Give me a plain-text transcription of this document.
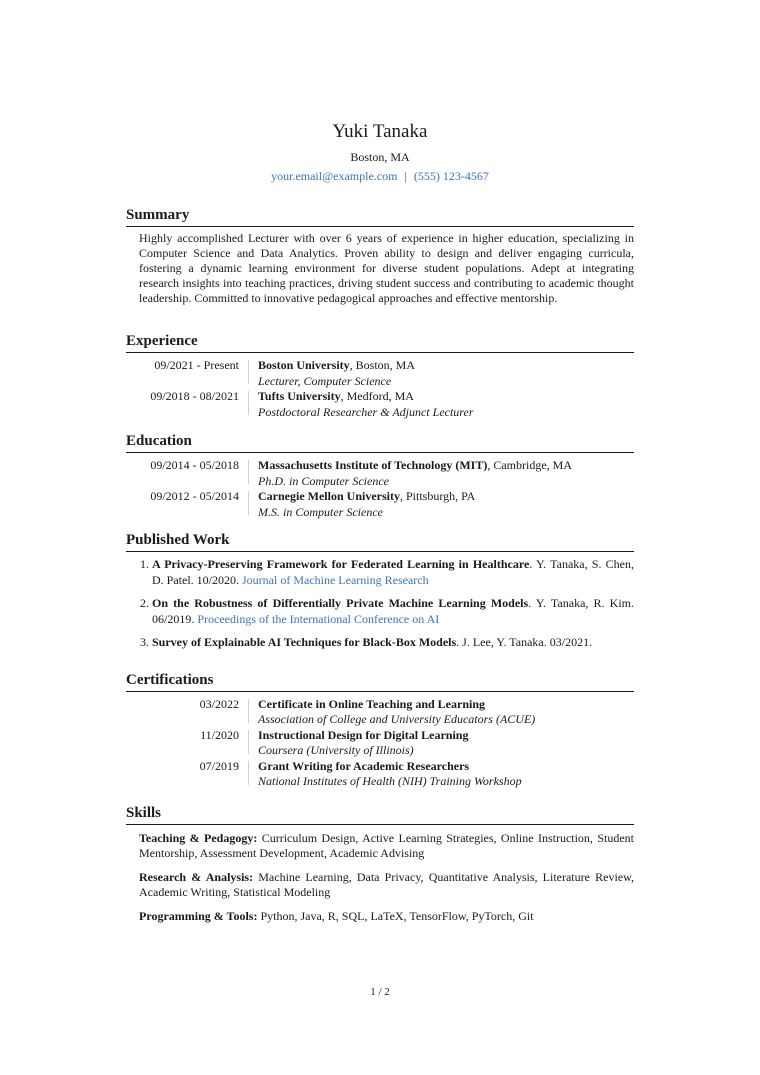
Yuki Tanaka
Boston, MA
your.email@example.com | (555) 123-4567
Summary

Highly accomplished Lecturer with over 6 years of experience in higher education, specializing in Computer Science and Data Analytics. Proven ability to design and deliver engaging curricula, fostering a dynamic learning environment for diverse student populations. Adept at integrating research insights into teaching practices, driving student success and contributing to academic thought leadership. Committed to innovative pedagogical approaches and effective mentorship.

Experience
09/2021 - Present Boston University, Boston, MA
Lecturer, Computer Science
09/2018 - 08/2021 Tufts University, Medford, MA
Postdoctoral Researcher & Adjunct Lecturer
Education
09/2014 - 05/2018 Massachusetts Institute of Technology (MIT), Cambridge, MA
Ph.D. in Computer Science
09/2012 - 05/2014 Carnegie Mellon University, Pittsburgh, PA
M.S. in Computer Science
Published Work
1. A Privacy-Preserving Framework for Federated Learning in Healthcare. Y. Tanaka, S. Chen, D. Patel. 10/2020. Journal of Machine Learning Research
2. On the Robustness of Differentially Private Machine Learning Models. Y. Tanaka, R. Kim. 06/2019. Proceedings of the International Conference on AI
3. Survey of Explainable AI Techniques for Black-Box Models. J. Lee, Y. Tanaka. 03/2021.
Certifications
03/2022 Certificate in Online Teaching and Learning
Association of College and University Educators (ACUE)
11/2020 Instructional Design for Digital Learning
Coursera (University of Illinois)
07/2019 Grant Writing for Academic Researchers
National Institutes of Health (NIH) Training Workshop
Skills

Teaching & Pedagogy: Curriculum Design, Active Learning Strategies, Online Instruction, Student Mentorship, Assessment Development, Academic Advising

Research & Analysis: Machine Learning, Data Privacy, Quantitative Analysis, Literature Review, Academic Writing, Statistical Modeling

Programming & Tools: Python, Java, R, SQL, LaTeX, TensorFlow, PyTorch, Git

1 / 2
